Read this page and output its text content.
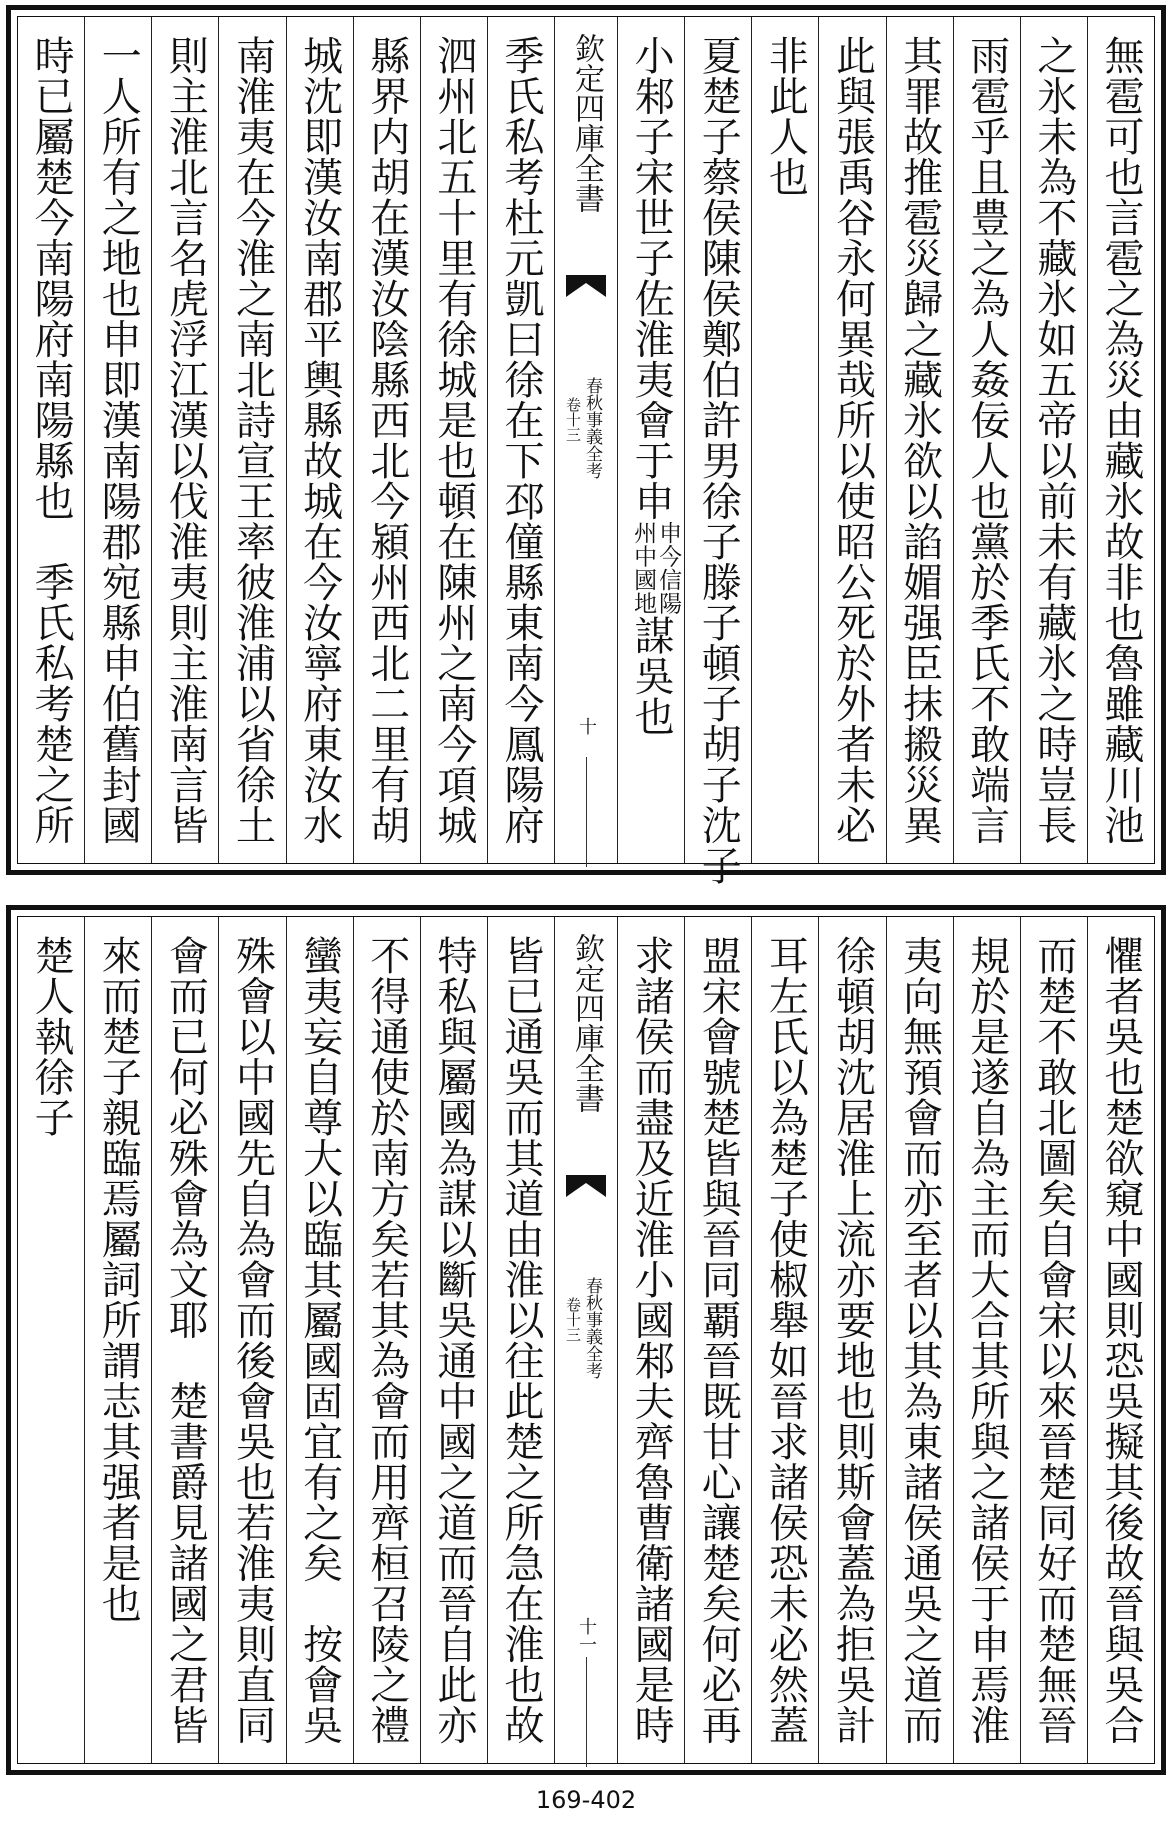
無雹可也言雹之為災由藏氷故非也魯雖藏川池
之氷未為不藏氷如五帝以前未有藏氷之時豈長
雨雹乎且豊之為人姦佞人也黨於季氏不敢端言
其罪故推雹災歸之藏氷欲以諂媚强臣抹摋災異
此與張禹谷永何異哉所以使昭公死於外者未必
非此人也
夏楚子蔡侯陳侯鄭伯許男徐子滕子頓子胡子沈子
小邾子宋世子佐淮夷會于申申今信陽
州中國地謀吳也
欽定四庫全書
春秋事義全考
卷十三
十
季氏私考杜元凱曰徐在下邳僮縣東南今鳳陽府
泗州北五十里有徐城是也頓在陳州之南今項城
縣界内胡在漢汝陰縣西北今潁州西北二里有胡
城沈即漢汝南郡平輿縣故城在今汝寧府東汝水
南淮夷在今淮之南北詩宣王率彼淮浦以省徐土
則主淮北言名虎浮江漢以伐淮夷則主淮南言皆
一人所有之地也申即漢南陽郡宛縣申伯舊封國
時已屬楚今南陽府南陽縣也　季氏私考楚之所
懼者吳也楚欲窺中國則恐吳擬其後故晉與吳合
而楚不敢北圖矣自會宋以來晉楚同好而楚無晉
規於是遂自為主而大合其所與之諸侯于申焉淮
夷向無預會而亦至者以其為東諸侯通吳之道而
徐頓胡沈居淮上流亦要地也則斯會蓋為拒吳計
耳左氏以為楚子使椒舉如晉求諸侯恐未必然蓋
盟宋會號楚皆與晉同覇晉既甘心讓楚矣何必再
求諸侯而盡及近淮小國邾夫齊魯曹衛諸國是時
欽定四庫全書
春秋事義全考
卷十三
十一
皆已通吳而其道由淮以往此楚之所急在淮也故
特私與屬國為謀以斷吳通中國之道而晉自此亦
不得通使於南方矣若其為會而用齊桓召陵之禮
蠻夷妄自尊大以臨其屬國固宜有之矣　按會吳
殊會以中國先自為會而後會吳也若淮夷則直同
會而已何必殊會為文耶　楚書爵見諸國之君皆
來而楚子親臨焉屬詞所謂志其强者是也
楚人執徐子
169-402
